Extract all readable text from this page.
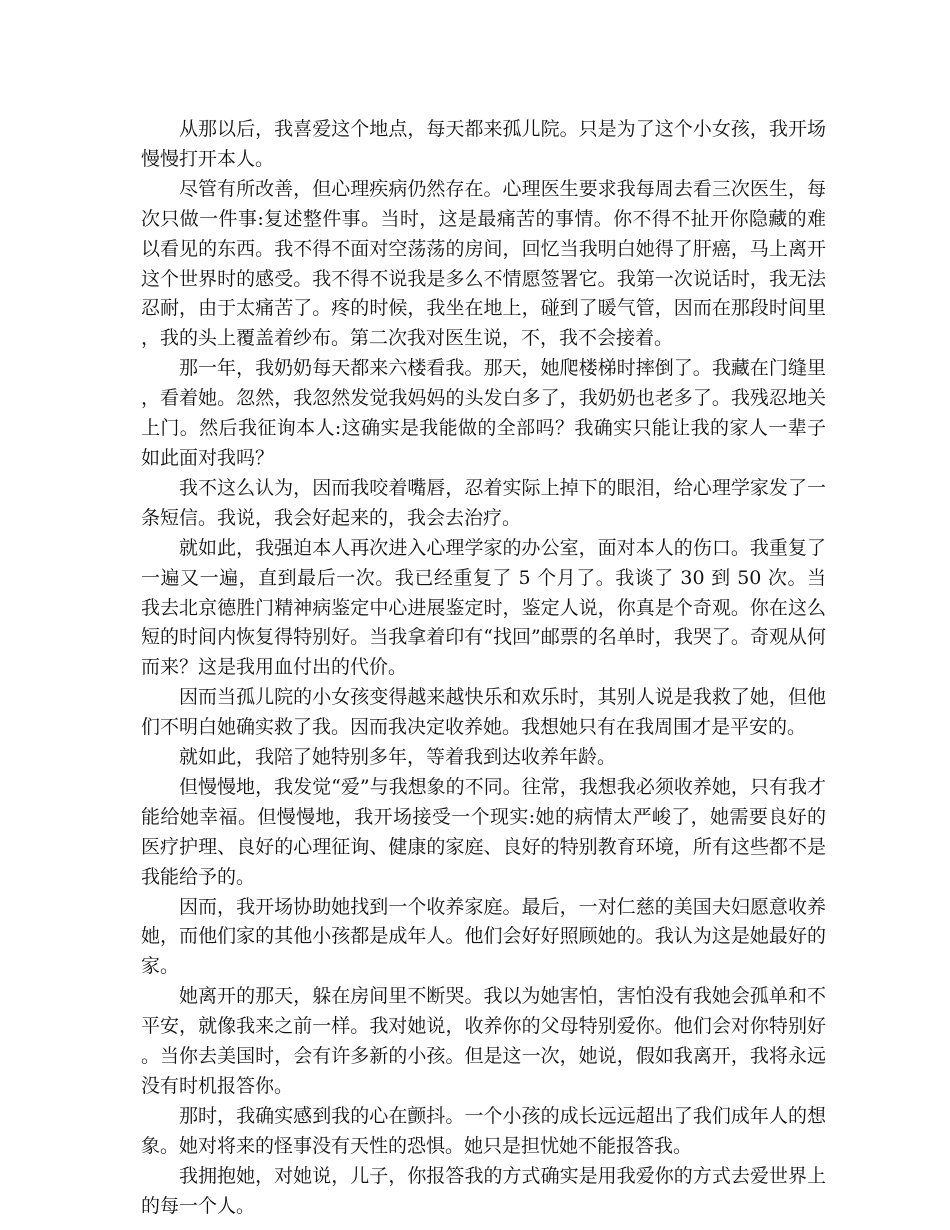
从那以后，我喜爱这个地点，每天都来孤儿院。只是为了这个小女孩，我开场慢慢打开本人。

尽管有所改善，但心理疾病仍然存在。心理医生要求我每周去看三次医生，每次只做一件事:复述整件事。当时，这是最痛苦的事情。你不得不扯开你隐藏的难以看见的东西。我不得不面对空荡荡的房间，回忆当我明白她得了肝癌，马上离开这个世界时的感受。我不得不说我是多么不情愿签署它。我第一次说话时，我无法忍耐，由于太痛苦了。疼的时候，我坐在地上，碰到了暖气管，因而在那段时间里，我的头上覆盖着纱布。第二次我对医生说，不，我不会接着。

那一年，我奶奶每天都来六楼看我。那天，她爬楼梯时摔倒了。我藏在门缝里，看着她。忽然，我忽然发觉我妈妈的头发白多了，我奶奶也老多了。我残忍地关上门。然后我征询本人:这确实是我能做的全部吗？我确实只能让我的家人一辈子如此面对我吗？

我不这么认为，因而我咬着嘴唇，忍着实际上掉下的眼泪，给心理学家发了一条短信。我说，我会好起来的，我会去治疗。

就如此，我强迫本人再次进入心理学家的办公室，面对本人的伤口。我重复了一遍又一遍，直到最后一次。我已经重复了 5 个月了。我谈了 30 到 50 次。当我去北京德胜门精神病鉴定中心进展鉴定时，鉴定人说，你真是个奇观。你在这么短的时间内恢复得特别好。当我拿着印有“找回”邮票的名单时，我哭了。奇观从何而来？这是我用血付出的代价。

因而当孤儿院的小女孩变得越来越快乐和欢乐时，其别人说是我救了她，但他们不明白她确实救了我。因而我决定收养她。我想她只有在我周围才是平安的。

就如此，我陪了她特别多年，等着我到达收养年龄。

但慢慢地，我发觉“爱”与我想象的不同。往常，我想我必须收养她，只有我才能给她幸福。但慢慢地，我开场接受一个现实:她的病情太严峻了，她需要良好的医疗护理、良好的心理征询、健康的家庭、良好的特别教育环境，所有这些都不是我能给予的。

因而，我开场协助她找到一个收养家庭。最后，一对仁慈的美国夫妇愿意收养她，而他们家的其他小孩都是成年人。他们会好好照顾她的。我认为这是她最好的家。

她离开的那天，躲在房间里不断哭。我以为她害怕，害怕没有我她会孤单和不平安，就像我来之前一样。我对她说，收养你的父母特别爱你。他们会对你特别好。当你去美国时，会有许多新的小孩。但是这一次，她说，假如我离开，我将永远没有时机报答你。

那时，我确实感到我的心在颤抖。一个小孩的成长远远超出了我们成年人的想象。她对将来的怪事没有天性的恐惧。她只是担忧她不能报答我。

我拥抱她，对她说，儿子，你报答我的方式确实是用我爱你的方式去爱世界上的每一个人。
